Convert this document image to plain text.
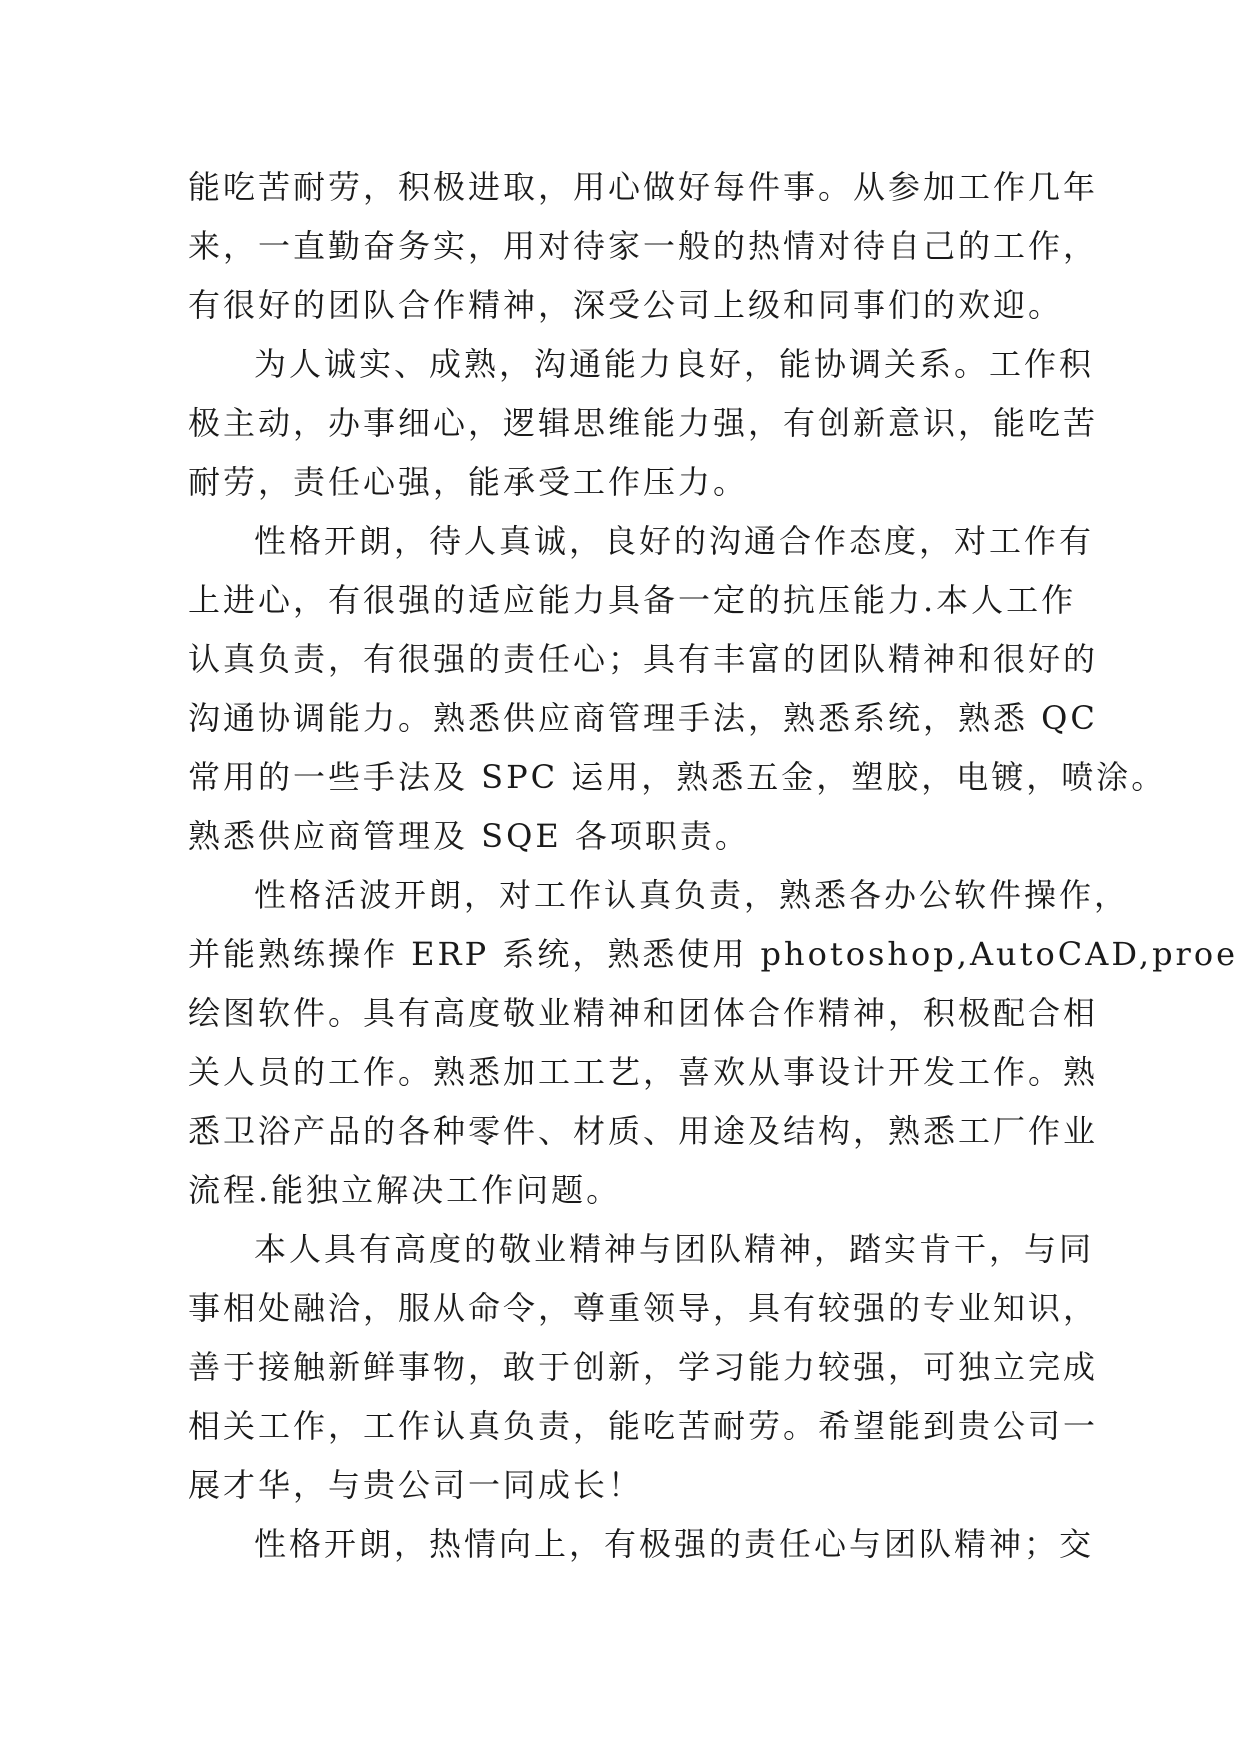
能吃苦耐劳，积极进取，用心做好每件事。从参加工作几年
来，一直勤奋务实，用对待家一般的热情对待自己的工作，
有很好的团队合作精神，深受公司上级和同事们的欢迎。
为人诚实、成熟，沟通能力良好，能协调关系。工作积
极主动，办事细心，逻辑思维能力强，有创新意识，能吃苦
耐劳，责任心强，能承受工作压力。
性格开朗，待人真诚，良好的沟通合作态度，对工作有
上进心，有很强的适应能力具备一定的抗压能力.本人工作
认真负责，有很强的责任心；具有丰富的团队精神和很好的
沟通协调能力。熟悉供应商管理手法，熟悉系统，熟悉 QC
常用的一些手法及 SPC 运用，熟悉五金，塑胶，电镀，喷涂。
熟悉供应商管理及 SQE 各项职责。
性格活波开朗，对工作认真负责，熟悉各办公软件操作，
并能熟练操作 ERP 系统，熟悉使用 photoshop,AutoCAD,proe
绘图软件。具有高度敬业精神和团体合作精神，积极配合相
关人员的工作。熟悉加工工艺，喜欢从事设计开发工作。熟
悉卫浴产品的各种零件、材质、用途及结构，熟悉工厂作业
流程.能独立解决工作问题。
本人具有高度的敬业精神与团队精神，踏实肯干，与同
事相处融洽，服从命令，尊重领导，具有较强的专业知识，
善于接触新鲜事物，敢于创新，学习能力较强，可独立完成
相关工作，工作认真负责，能吃苦耐劳。希望能到贵公司一
展才华，与贵公司一同成长！
性格开朗，热情向上，有极强的责任心与团队精神；交
